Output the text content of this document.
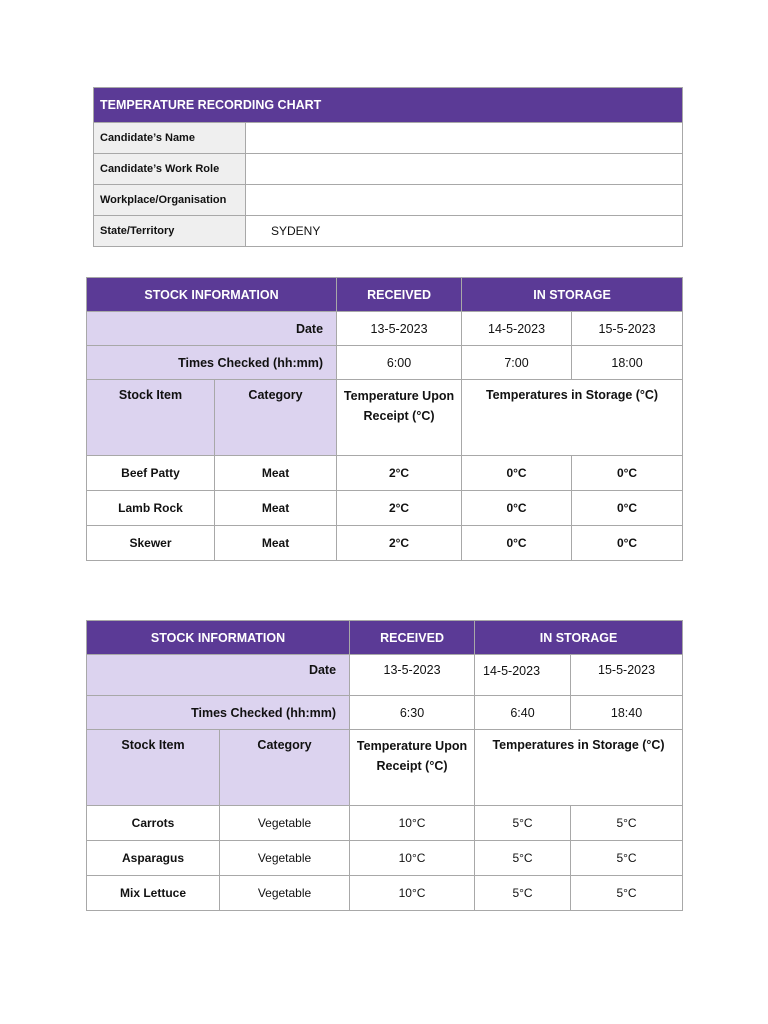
TEMPERATURE RECORDING CHART	
Candidate’s Name	
Candidate’s Work Role	
Workplace/Organisation	
State/Territory	SYDENY
STOCK INFORMATION		RECEIVED	IN STORAGE	
Date		13-5-2023	14-5-2023	15-5-2023
Times Checked (hh:mm)		6:00	7:00	18:00
Stock Item	Category	Temperature Upon Receipt (°C)	Temperatures in Storage (°C)	
Beef Patty	Meat	2°C	0°C	0°C
Lamb Rock	Meat	2°C	0°C	0°C
Skewer	Meat	2°C	0°C	0°C
STOCK INFORMATION		RECEIVED	IN STORAGE	
Date		13-5-2023	14-5-2023	15-5-2023
Times Checked (hh:mm)		6:30	6:40	18:40
Stock Item	Category	Temperature Upon Receipt (°C)	Temperatures in Storage (°C)	
Carrots	Vegetable	10°C	5°C	5°C
Asparagus	Vegetable	10°C	5°C	5°C
Mix Lettuce	Vegetable	10°C	5°C	5°C
